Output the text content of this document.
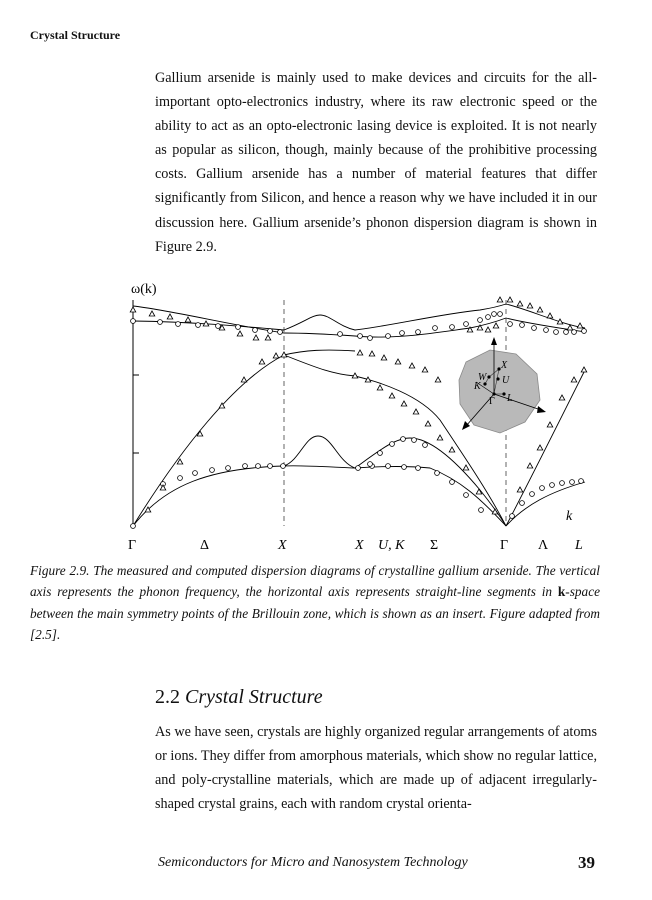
Crystal Structure

Gallium arsenide is mainly used to make devices and circuits for the all-important opto-electronics industry, where its raw electronic speed or the ability to act as an opto-electronic lasing device is exploited. It is not nearly as popular as silicon, though, mainly because of the prohibitive processing costs. Gallium arsenide has a number of material features that differ significantly from Silicon, and hence a reason why we have included it in our discussion here. Gallium arsenide’s phonon dispersion diagram is shown in Figure 2.9.

X
W
K
U
Γ L
ω(k)
k
Γ	Δ	X	X U, K Σ	Γ Λ L

Figure 2.9. The measured and computed dispersion diagrams of crystalline gallium arsenide. The vertical axis represents the phonon frequency, the horizontal axis represents straight-line segments in k-space between the main symmetry points of the Brillouin zone, which is shown as an insert. Figure adapted from [2.5].

2.2 Crystal Structure

As we have seen, crystals are highly organized regular arrangements of atoms or ions. They differ from amorphous materials, which show no regular lattice, and poly-crystalline materials, which are made up of adjacent irregularly-shaped crystal grains, each with random crystal orienta-

Semiconductors for Micro and Nanosystem Technology	39
